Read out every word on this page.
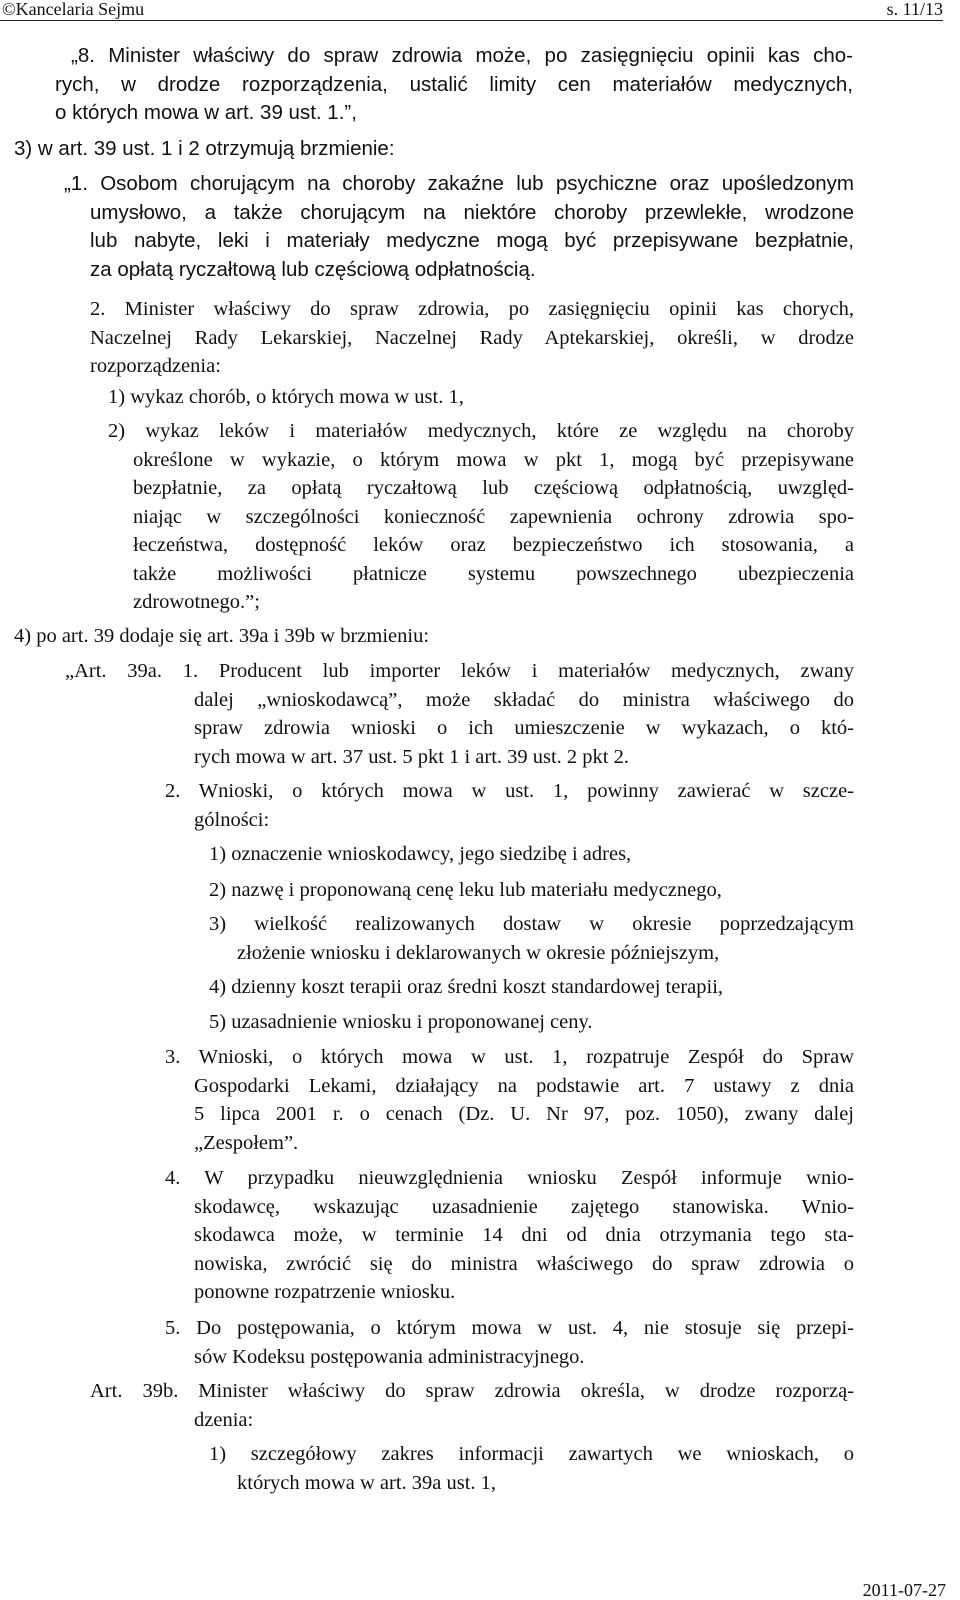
©Kancelaria Sejmu	s. 11/13
„8. Minister właściwy do spraw zdrowia może, po zasięgnięciu opinii kas cho-
rych, w drodze rozporządzenia, ustalić limity cen materiałów medycznych,
o których mowa w art. 39 ust. 1.”,
3) w art. 39 ust. 1 i 2 otrzymują brzmienie:
„1. Osobom chorującym na choroby zakaźne lub psychiczne oraz upośledzonym
umysłowo, a także chorującym na niektóre choroby przewlekłe, wrodzone
lub nabyte, leki i materiały medyczne mogą być przepisywane bezpłatnie,
za opłatą ryczałtową lub częściową odpłatnością.
2. Minister właściwy do spraw zdrowia, po zasięgnięciu opinii kas chorych,
Naczelnej Rady Lekarskiej, Naczelnej Rady Aptekarskiej, określi, w drodze
rozporządzenia:
1) wykaz chorób, o których mowa w ust. 1,
2) wykaz leków i materiałów medycznych, które ze względu na choroby
określone w wykazie, o którym mowa w pkt 1, mogą być przepisywane
bezpłatnie, za opłatą ryczałtową lub częściową odpłatnością, uwzględ-
niając w szczególności konieczność zapewnienia ochrony zdrowia spo-
łeczeństwa, dostępność leków oraz bezpieczeństwo ich stosowania, a
także możliwości płatnicze systemu powszechnego ubezpieczenia
zdrowotnego.”;
4) po art. 39 dodaje się art. 39a i 39b w brzmieniu:
„Art. 39a. 1. Producent lub importer leków i materiałów medycznych, zwany
dalej „wnioskodawcą”, może składać do ministra właściwego do
spraw zdrowia wnioski o ich umieszczenie w wykazach, o któ-
rych mowa w art. 37 ust. 5 pkt 1 i art. 39 ust. 2 pkt 2.
2. Wnioski, o których mowa w ust. 1, powinny zawierać w szcze-
gólności:
1) oznaczenie wnioskodawcy, jego siedzibę i adres,
2) nazwę i proponowaną cenę leku lub materiału medycznego,
3) wielkość realizowanych dostaw w okresie poprzedzającym
złożenie wniosku i deklarowanych w okresie późniejszym,
4) dzienny koszt terapii oraz średni koszt standardowej terapii,
5) uzasadnienie wniosku i proponowanej ceny.
3. Wnioski, o których mowa w ust. 1, rozpatruje Zespół do Spraw
Gospodarki Lekami, działający na podstawie art. 7 ustawy z dnia
5 lipca 2001 r. o cenach (Dz. U. Nr 97, poz. 1050), zwany dalej
„Zespołem”.
4. W przypadku nieuwzględnienia wniosku Zespół informuje wnio-
skodawcę, wskazując uzasadnienie zajętego stanowiska. Wnio-
skodawca może, w terminie 14 dni od dnia otrzymania tego sta-
nowiska, zwrócić się do ministra właściwego do spraw zdrowia o
ponowne rozpatrzenie wniosku.
5. Do postępowania, o którym mowa w ust. 4, nie stosuje się przepi-
sów Kodeksu postępowania administracyjnego.
Art. 39b. Minister właściwy do spraw zdrowia określa, w drodze rozporzą-
dzenia:
1) szczegółowy zakres informacji zawartych we wnioskach, o
których mowa w art. 39a ust. 1,
2011-07-27
